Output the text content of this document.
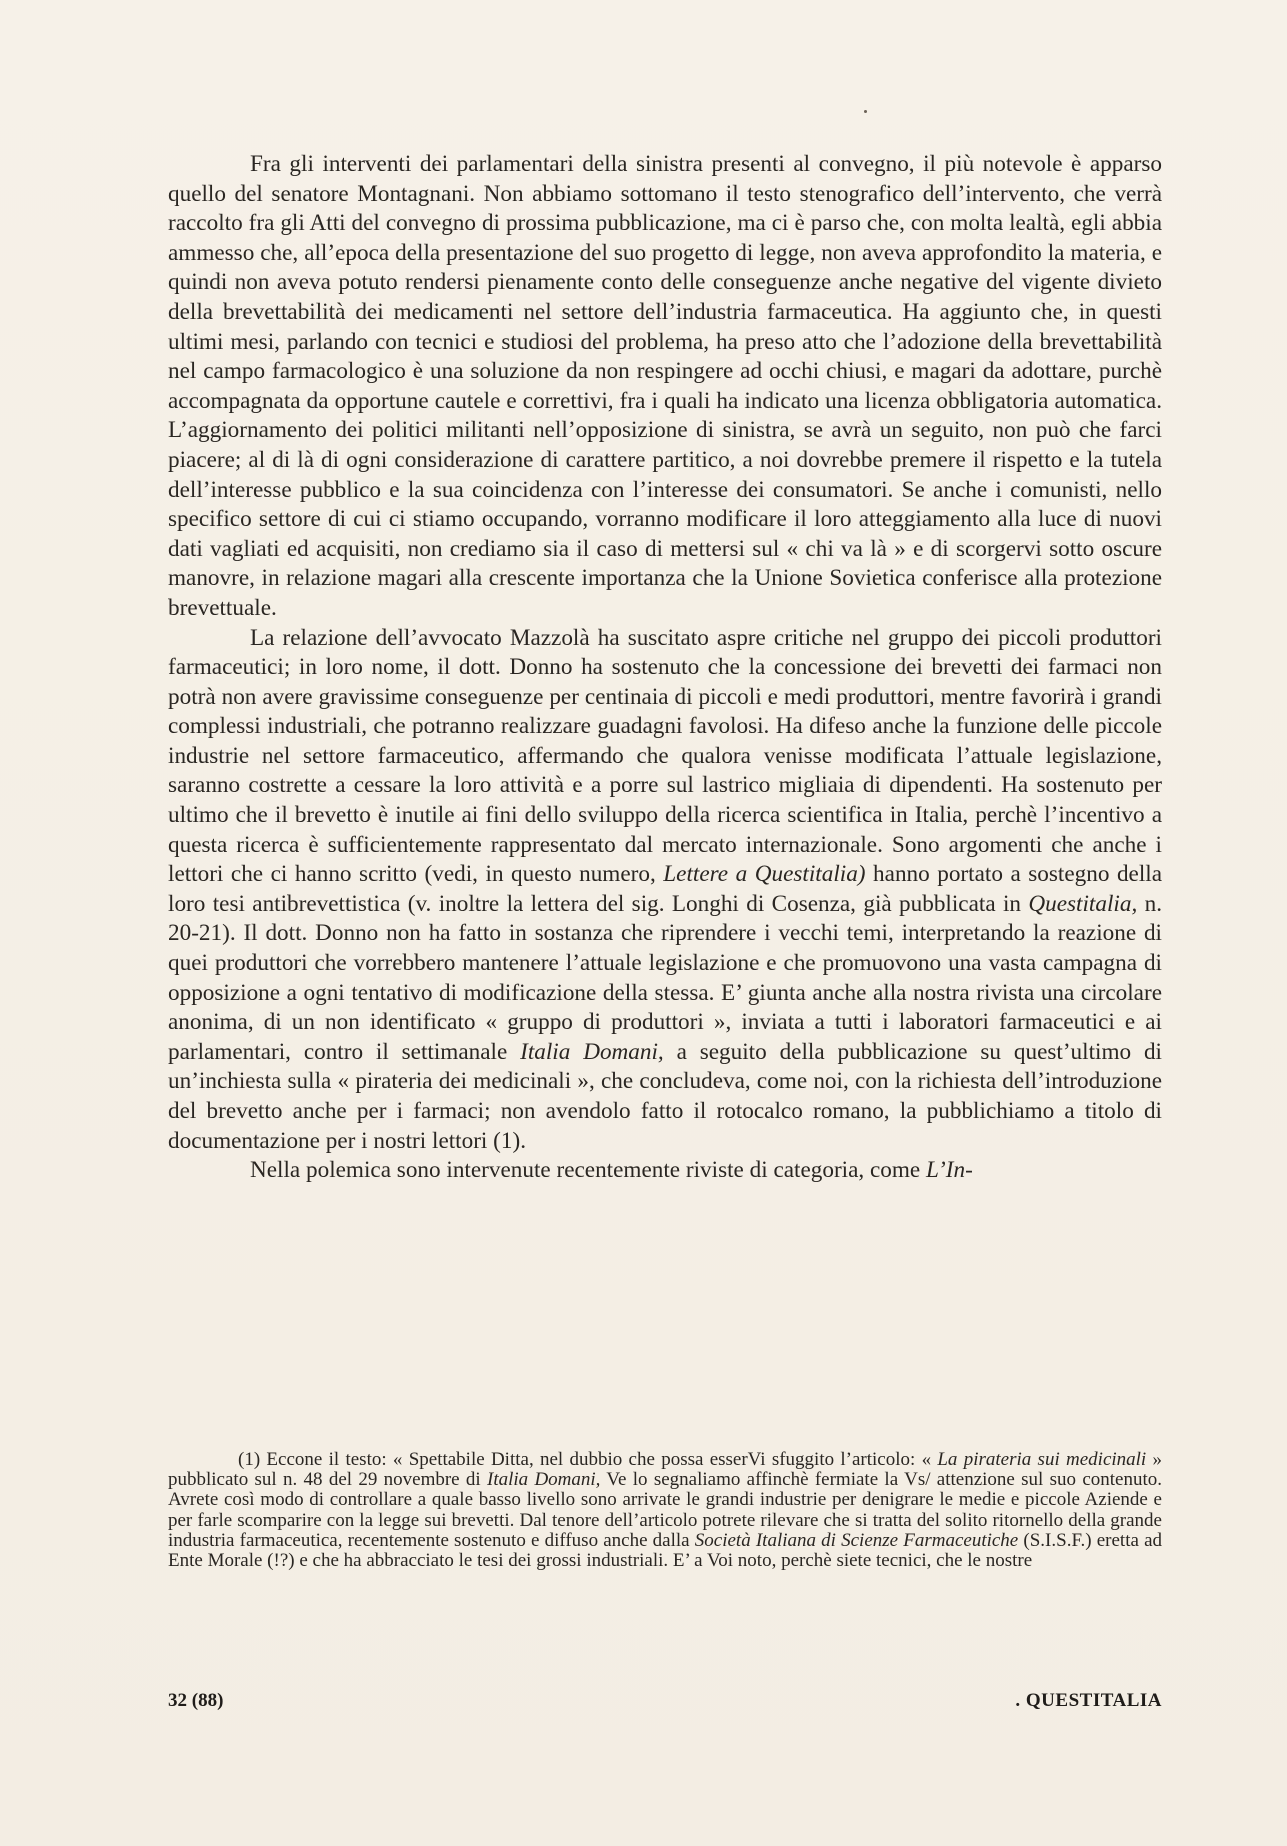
Fra gli interventi dei parlamentari della sinistra presenti al convegno, il più notevole è apparso quello del senatore Montagnani. Non abbiamo sottomano il testo stenografico dell’intervento, che verrà raccolto fra gli Atti del convegno di prossima pubblicazione, ma ci è parso che, con molta lealtà, egli abbia ammesso che, all’epoca della presentazione del suo progetto di legge, non aveva approfondito la materia, e quindi non aveva potuto rendersi pienamente conto delle conseguenze anche negative del vigente divieto della brevettabilità dei medicamenti nel settore dell’industria farmaceutica. Ha aggiunto che, in questi ultimi mesi, parlando con tecnici e studiosi del problema, ha preso atto che l’adozione della brevettabilità nel campo farmacologico è una soluzione da non respingere ad occhi chiusi, e magari da adottare, purchè accompagnata da opportune cautele e correttivi, fra i quali ha indicato una licenza obbligatoria automatica. L’aggiornamento dei politici militanti nell’opposizione di sinistra, se avrà un seguito, non può che farci piacere; al di là di ogni considerazione di carattere partitico, a noi dovrebbe premere il rispetto e la tutela dell’interesse pubblico e la sua coincidenza con l’interesse dei consumatori. Se anche i comunisti, nello specifico settore di cui ci stiamo occupando, vorranno modificare il loro atteggiamento alla luce di nuovi dati vagliati ed acquisiti, non crediamo sia il caso di mettersi sul « chi va là » e di scorgervi sotto oscure manovre, in relazione magari alla crescente importanza che la Unione Sovietica conferisce alla protezione brevettuale.

La relazione dell’avvocato Mazzolà ha suscitato aspre critiche nel gruppo dei piccoli produttori farmaceutici; in loro nome, il dott. Donno ha sostenuto che la concessione dei brevetti dei farmaci non potrà non avere gravissime conseguenze per centinaia di piccoli e medi produttori, mentre favorirà i grandi complessi industriali, che potranno realizzare guadagni favolosi. Ha difeso anche la funzione delle piccole industrie nel settore farmaceutico, affermando che qualora venisse modificata l’attuale legislazione, saranno costrette a cessare la loro attività e a porre sul lastrico migliaia di dipendenti. Ha sostenuto per ultimo che il brevetto è inutile ai fini dello sviluppo della ricerca scientifica in Italia, perchè l’incentivo a questa ricerca è sufficientemente rappresentato dal mercato internazionale. Sono argomenti che anche i lettori che ci hanno scritto (vedi, in questo numero, Lettere a Questitalia) hanno portato a sostegno della loro tesi antibrevettistica (v. inoltre la lettera del sig. Longhi di Cosenza, già pubblicata in Questitalia, n. 20-21). Il dott. Donno non ha fatto in sostanza che riprendere i vecchi temi, interpretando la reazione di quei produttori che vorrebbero mantenere l’attuale legislazione e che promuovono una vasta campagna di opposizione a ogni tentativo di modificazione della stessa. E’ giunta anche alla nostra rivista una circolare anonima, di un non identificato « gruppo di produttori », inviata a tutti i laboratori farmaceutici e ai parlamentari, contro il settimanale Italia Domani, a seguito della pubblicazione su quest’ultimo di un’inchiesta sulla « pirateria dei medicinali », che concludeva, come noi, con la richiesta dell’introduzione del brevetto anche per i farmaci; non avendolo fatto il rotocalco romano, la pubblichiamo a titolo di documentazione per i nostri lettori (1).

Nella polemica sono intervenute recentemente riviste di categoria, come L’In-

(1) Eccone il testo: « Spettabile Ditta, nel dubbio che possa esserVi sfuggito l’articolo: « La pirateria sui medicinali » pubblicato sul n. 48 del 29 novembre di Italia Domani, Ve lo segnaliamo affinchè fermiate la Vs/ attenzione sul suo contenuto. Avrete così modo di controllare a quale basso livello sono arrivate le grandi industrie per denigrare le medie e piccole Aziende e per farle scomparire con la legge sui brevetti. Dal tenore dell’articolo potrete rilevare che si tratta del solito ritornello della grande industria farmaceutica, recentemente sostenuto e diffuso anche dalla Società Italiana di Scienze Farmaceutiche (S.I.S.F.) eretta ad Ente Morale (!?) e che ha abbracciato le tesi dei grossi industriali. E’ a Voi noto, perchè siete tecnici, che le nostre

32 (88)	. QUESTITALIA
